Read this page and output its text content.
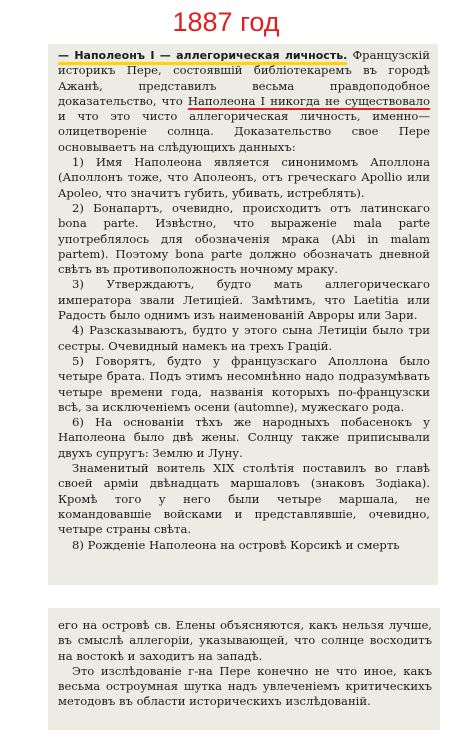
1887 год

— Наполеонъ I — аллегорическая личность. Французскій историкъ Пере, состоявшій библіотекаремъ въ городѣ Ажанѣ, представилъ весьма правдоподобное доказательство, что Наполеона I никогда не существовало и что это чисто аллегорическая личность, именно—олицетвореніе солнца. Доказательство свое Пере основываетъ на слѣдующихъ данныхъ:

1) Имя Наполеона является синонимомъ Аполлона (Аполлонъ тоже, что Аполеонъ, отъ греческаго Apollio или Apoleo, что значитъ губить, убивать, истреблять).

2) Бонапартъ, очевидно, происходитъ отъ латинскаго bona parte. Извѣстно, что выраженіе mala parte употреблялось для обозначенія мрака (Abi in malam partem). Поэтому bona parte должно обозначать дневной свѣтъ въ противоположность ночному мраку.

3) Утверждаютъ, будто мать аллегорическаго императора звали Летиціей. Замѣтимъ, что Laetitia или Радость было однимъ изъ наименованій Авроры или Зари.

4) Разсказываютъ, будто у этого сына Летиціи было три сестры. Очевидный намекъ на трехъ Грацій.

5) Говорятъ, будто у французскаго Аполлона было четыре брата. Подъ этимъ несомнѣнно надо подразумѣвать четыре времени года, названія которыхъ по-французски всѣ, за исключеніемъ осени (automne), мужескаго рода.

6) На основаніи тѣхъ же народныхъ побасенокъ у Наполеона было двѣ жены. Солнцу также приписывали двухъ супругъ: Землю и Луну.

Знаменитый воитель XIX столѣтія поставилъ во главѣ своей арміи двѣнадцать маршаловъ (знаковъ Зодіака). Кромѣ того у него были четыре маршала, не командовавшіе войсками и представлявшіе, очевидно, четыре страны свѣта.

8) Рожденіе Наполеона на островѣ Корсикѣ и смерть

его на островѣ св. Елены объясняются, какъ нельзя лучше, въ смыслѣ аллегоріи, указывающей, что солнце восходитъ на востокѣ и заходитъ на западѣ.

Это изслѣдованіе г-на Пере конечно не что иное, какъ весьма остроумная шутка надъ увлеченіемъ критическихъ методовъ въ области историческихъ изслѣдованій.
